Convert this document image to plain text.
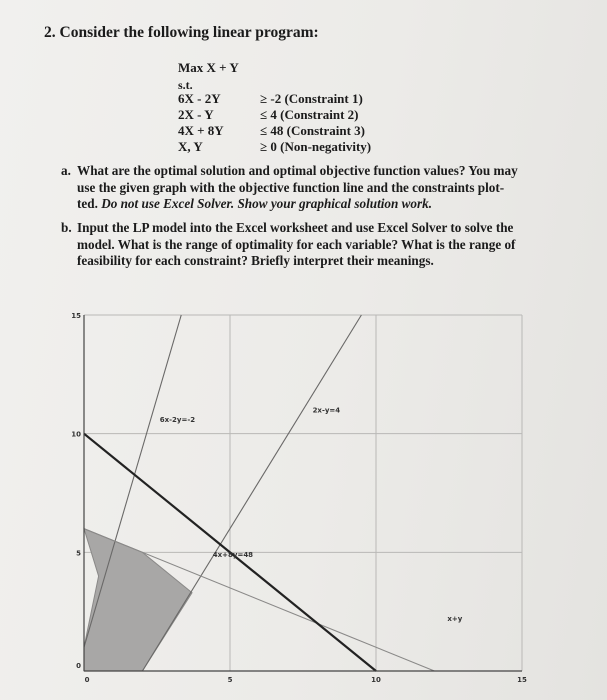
2. Consider the following linear program:
Max X + Y
s.t.
6X - 2Y	≥ -2 (Constraint 1)
2X - Y	≤ 4 (Constraint 2)
4X + 8Y	≤ 48 (Constraint 3)
X, Y	≥ 0 (Non-negativity)
a. What are the optimal solution and optimal objective function values? You may
use the given graph with the objective function line and the constraints plot-
ted. Do not use Excel Solver. Show your graphical solution work.
b. Input the LP model into the Excel worksheet and use Excel Solver to solve the
model. What is the range of optimality for each variable? What is the range of
feasibility for each constraint? Briefly interpret their meanings.
0	5	10	15
0
5
10
15
6x-2y=-2
2x-y=4
4x+8y=48
x+y
